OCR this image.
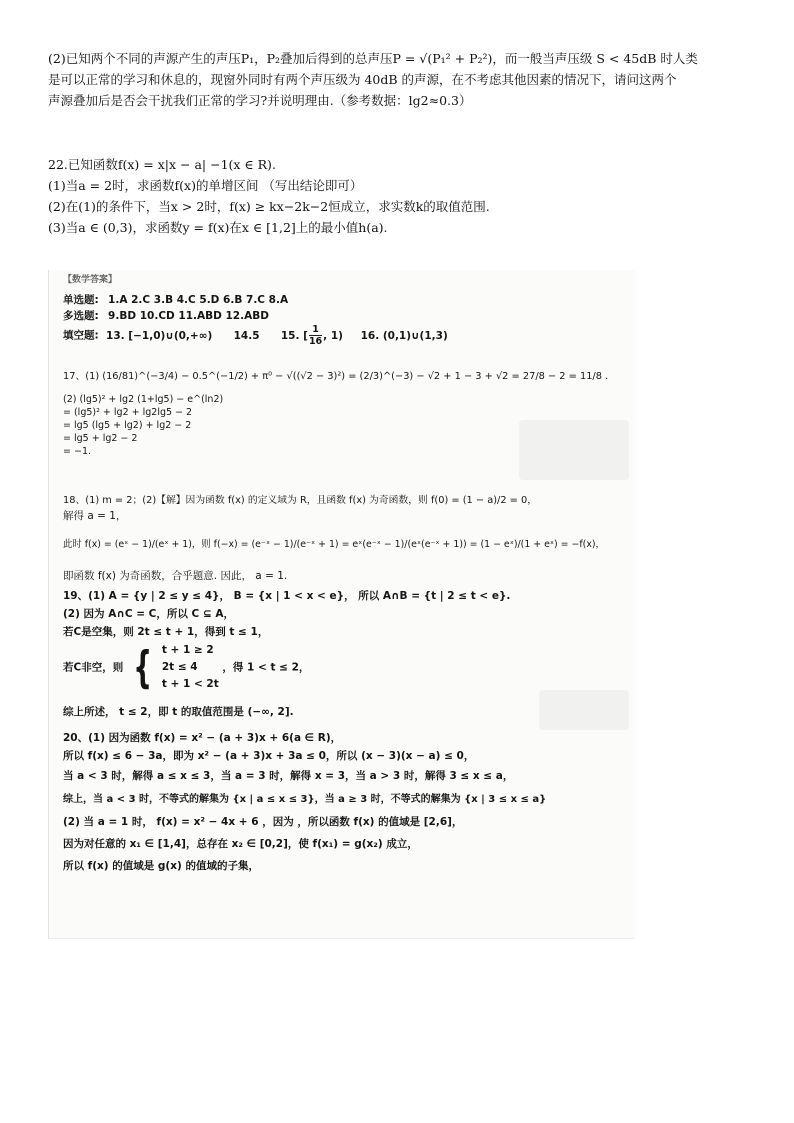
(2)已知两个不同的声源产生的声压P₁，P₂叠加后得到的总声压P = √(P₁² + P₂²)，而一般当声压级 S < 45dB 时人类

是可以正常的学习和休息的，现窗外同时有两个声压级为 40dB 的声源，在不考虑其他因素的情况下，请问这两个

声源叠加后是否会干扰我们正常的学习?并说明理由.（参考数据：lg2≈0.3）

22.已知函数f(x) = x|x − a| −1(x ∈ R).

(1)当a = 2时，求函数f(x)的单增区间 （写出结论即可）

(2)在(1)的条件下，当x > 2时，f(x) ≥ kx−2k−2恒成立，求实数k的取值范围.

(3)当a ∈ (0,3)，求函数y = f(x)在x ∈ [1,2]上的最小值h(a).

【数学答案】
单选题: 1.A 2.C 3.B 4.C 5.D 6.B 7.C 8.A
多选题: 9.BD 10.CD 11.ABD 12.ABD
填空题: 13. [−1,0)∪(0,+∞) 14.5 15. [ $\frac{1}{16}$ , 1) 16. (0,1)∪(1,3)
17、(1) (16/81)^(−3/4) − 0.5^(−1/2) + π⁰ − √((√2 − 3)²) = (2/3)^(−3) − √2 + 1 − 3 + √2 = 27/8 − 2 = 11/8 .
(2) (lg5)² + lg2 (1+lg5) − e^(ln2)
= (lg5)² + lg2 + lg2lg5 − 2
= lg5 (lg5 + lg2) + lg2 − 2
= lg5 + lg2 − 2
= −1.
18、(1) m = 2；(2)【解】因为函数 f(x) 的定义域为 R，且函数 f(x) 为奇函数，则 f(0) = (1 − a)/2 = 0，
解得 a = 1，
此时 f(x) = (eˣ − 1)/(eˣ + 1)，则 f(−x) = (e⁻ˣ − 1)/(e⁻ˣ + 1) = eˣ(e⁻ˣ − 1)/(eˣ(e⁻ˣ + 1)) = (1 − eˣ)/(1 + eˣ) = −f(x)，
即函数 f(x) 为奇函数，合乎题意. 因此， a = 1.
19、(1) A = {y | 2 ≤ y ≤ 4}， B = {x | 1 < x < e}， 所以 A∩B = {t | 2 ≤ t < e}.
(2) 因为 A∩C = C，所以 C ⊆ A，
若C是空集，则 2t ≤ t + 1，得到 t ≤ 1，
若C非空，则 { t + 1 ≥ 2
2t ≤ 4
t + 1 < 2t
，得 1 < t ≤ 2，
综上所述， t ≤ 2，即 t 的取值范围是 (−∞, 2].
20、(1) 因为函数 f(x) = x² − (a + 3)x + 6(a ∈ R)，
所以 f(x) ≤ 6 − 3a，即为 x² − (a + 3)x + 3a ≤ 0，所以 (x − 3)(x − a) ≤ 0，
当 a < 3 时，解得 a ≤ x ≤ 3，当 a = 3 时，解得 x = 3，当 a > 3 时，解得 3 ≤ x ≤ a，
综上，当 a < 3 时，不等式的解集为 {x | a ≤ x ≤ 3}，当 a ≥ 3 时，不等式的解集为 {x | 3 ≤ x ≤ a}
(2) 当 a = 1 时， f(x) = x² − 4x + 6 ，因为 ，所以函数 f(x) 的值域是 [2,6]，
因为对任意的 x₁ ∈ [1,4]，总存在 x₂ ∈ [0,2]，使 f(x₁) = g(x₂) 成立，
所以 f(x) 的值域是 g(x) 的值域的子集，
